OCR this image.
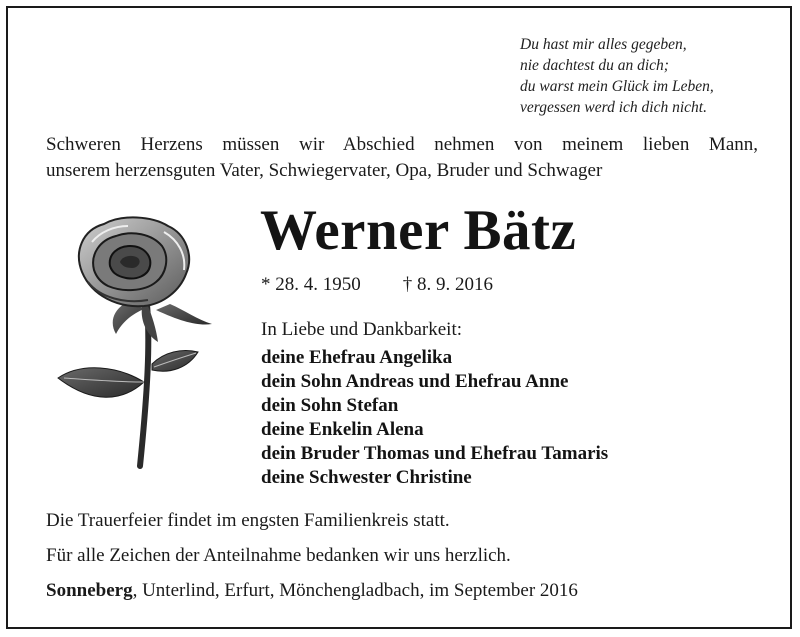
Du hast mir alles gegeben,
nie dachtest du an dich;
du warst mein Glück im Leben,
vergessen werd ich dich nicht.
Schweren Herzens müssen wir Abschied nehmen von meinem lieben Mann,
unserem herzensguten Vater, Schwiegervater, Opa, Bruder und Schwager
Werner Bätz
* 28. 4. 1950 † 8. 9. 2016
In Liebe und Dankbarkeit:
deine Ehefrau Angelika
dein Sohn Andreas und Ehefrau Anne
dein Sohn Stefan
deine Enkelin Alena
dein Bruder Thomas und Ehefrau Tamaris
deine Schwester Christine
Die Trauerfeier findet im engsten Familienkreis statt.
Für alle Zeichen der Anteilnahme bedanken wir uns herzlich.
Sonneberg, Unterlind, Erfurt, Mönchengladbach, im September 2016
